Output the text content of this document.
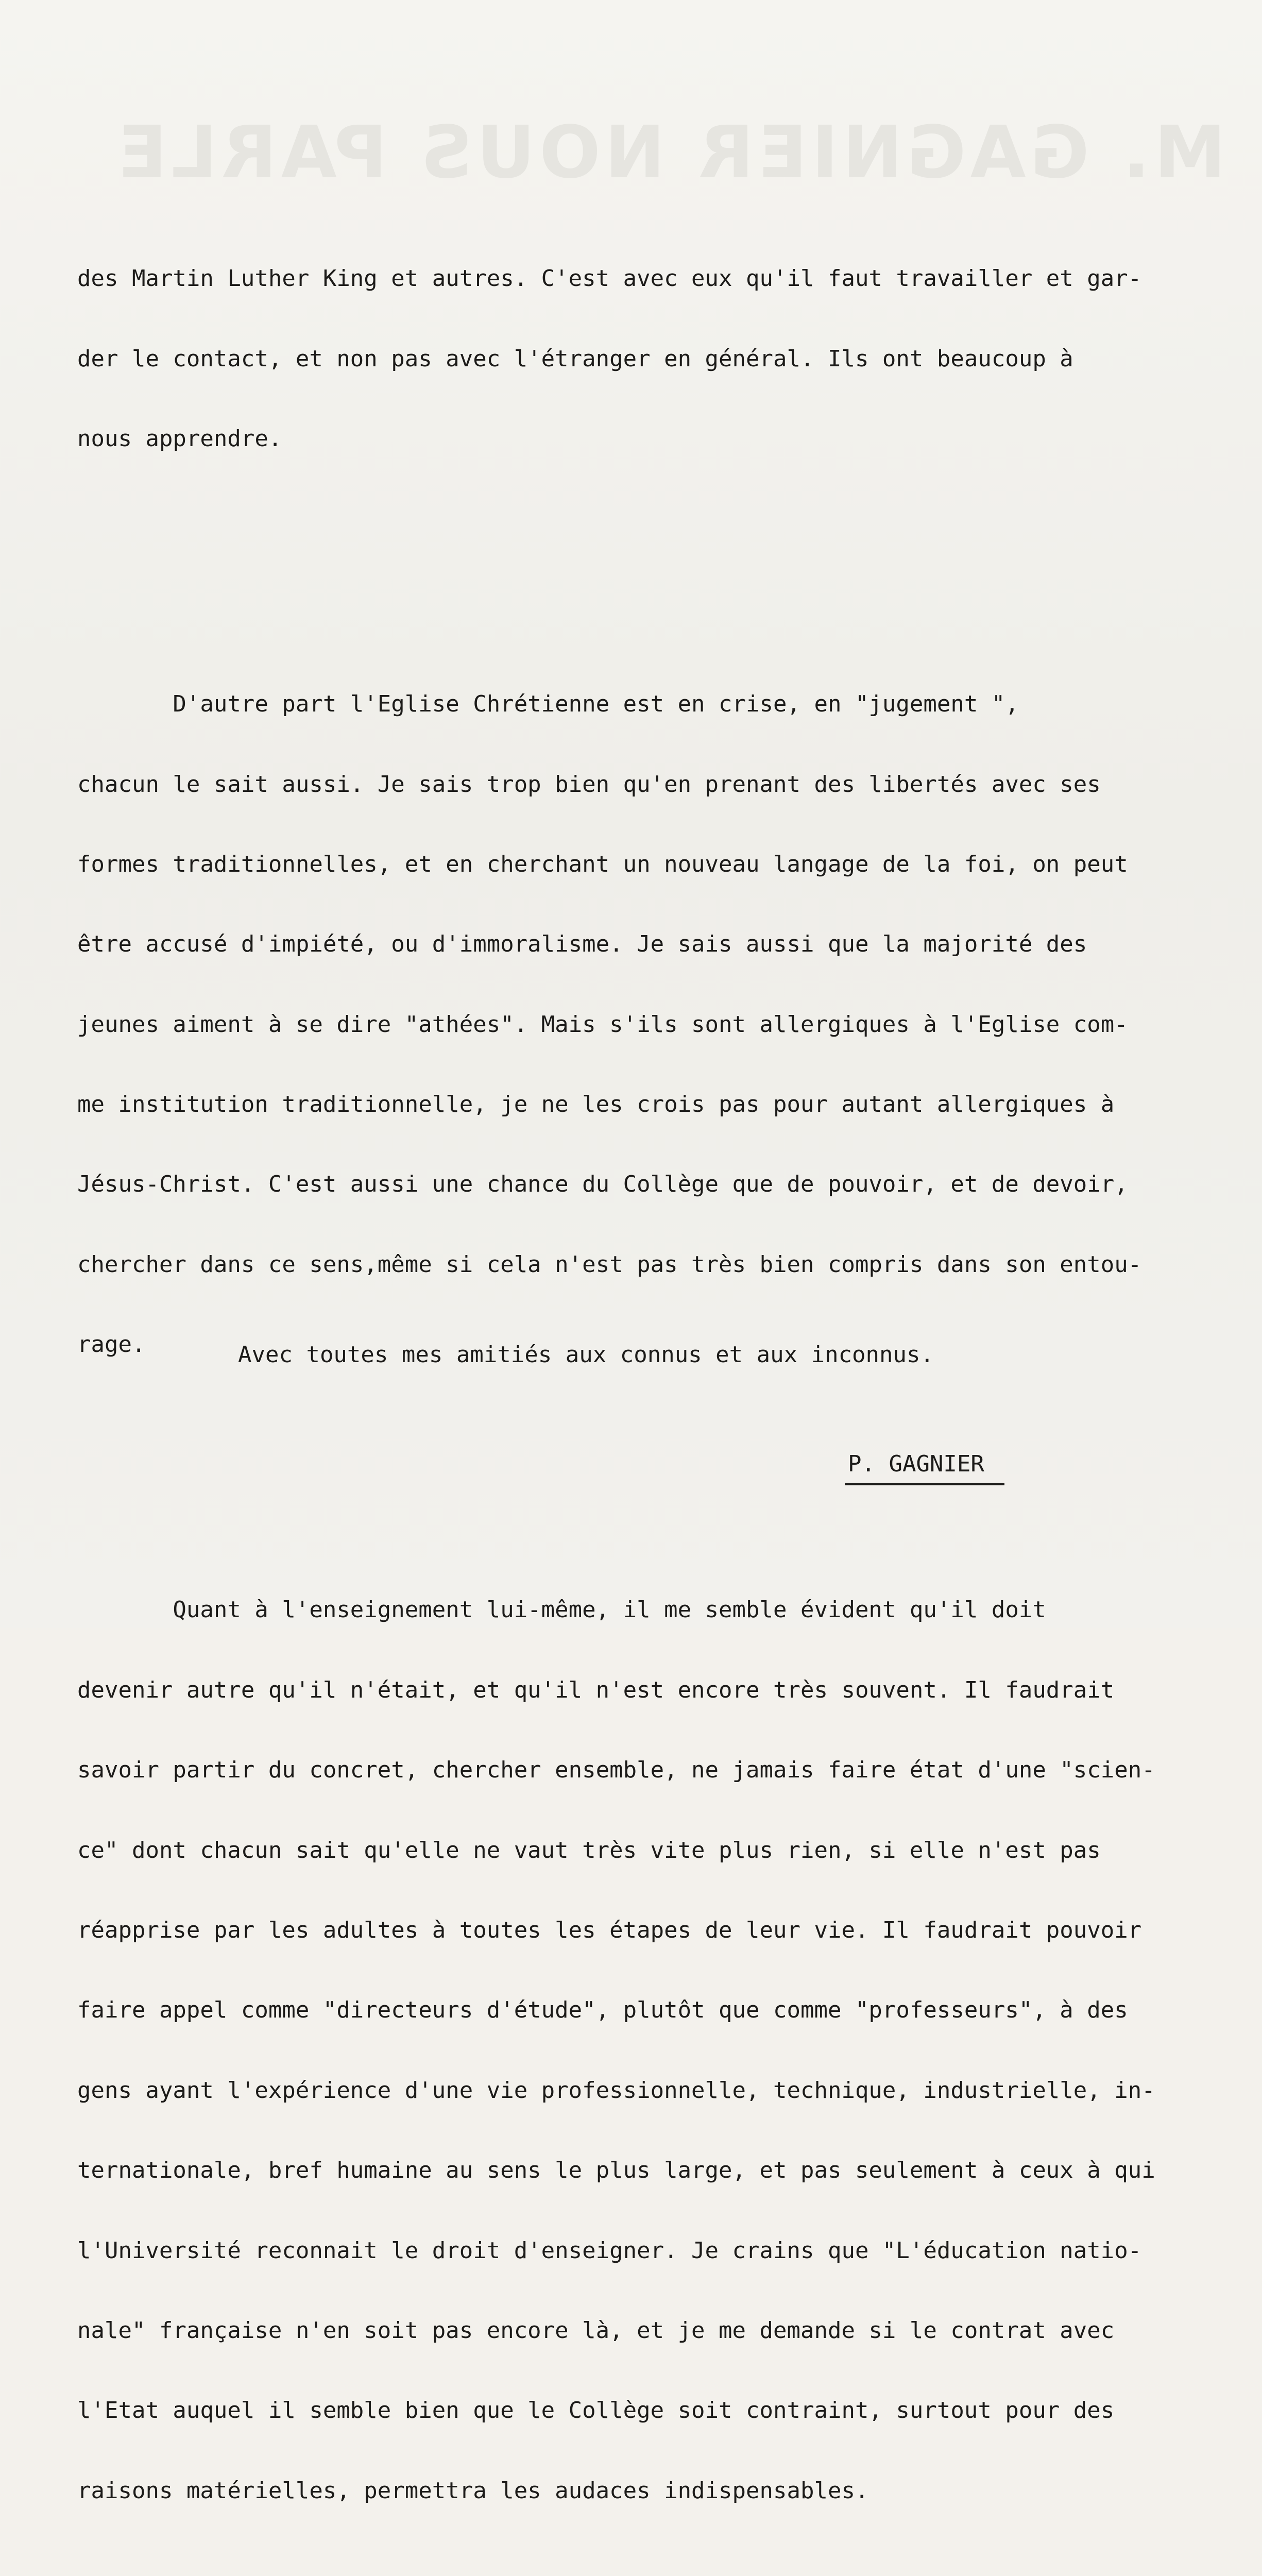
M. GAGNIER NOUS PARLE

des Martin Luther King et autres. C'est avec eux qu'il faut travailler et gar-

der le contact, et non pas avec l'étranger en général. Ils ont beaucoup à

nous apprendre.

D'autre part l'Eglise Chrétienne est en crise, en "jugement ",

chacun le sait aussi. Je sais trop bien qu'en prenant des libertés avec ses

formes traditionnelles, et en cherchant un nouveau langage de la foi, on peut

être accusé d'impiété, ou d'immoralisme. Je sais aussi que la majorité des

jeunes aiment à se dire "athées". Mais s'ils sont allergiques à l'Eglise com-

me institution traditionnelle, je ne les crois pas pour autant allergiques à

Jésus-Christ. C'est aussi une chance du Collège que de pouvoir, et de devoir,

chercher dans ce sens,même si cela n'est pas très bien compris dans son entou-

rage.

Quant à l'enseignement lui-même, il me semble évident qu'il doit

devenir autre qu'il n'était, et qu'il n'est encore très souvent. Il faudrait

savoir partir du concret, chercher ensemble, ne jamais faire état d'une "scien-

ce" dont chacun sait qu'elle ne vaut très vite plus rien, si elle n'est pas

réapprise par les adultes à toutes les étapes de leur vie. Il faudrait pouvoir

faire appel comme "directeurs d'étude", plutôt que comme "professeurs", à des

gens ayant l'expérience d'une vie professionnelle, technique, industrielle, in-

ternationale, bref humaine au sens le plus large, et pas seulement à ceux à qui

l'Université reconnait le droit d'enseigner. Je crains que "L'éducation natio-

nale" française n'en soit pas encore là, et je me demande si le contrat avec

l'Etat auquel il semble bien que le Collège soit contraint, surtout pour des

raisons matérielles, permettra les audaces indispensables.

Avec toutes mes amitiés aux connus et aux inconnus.
P. GAGNIER
